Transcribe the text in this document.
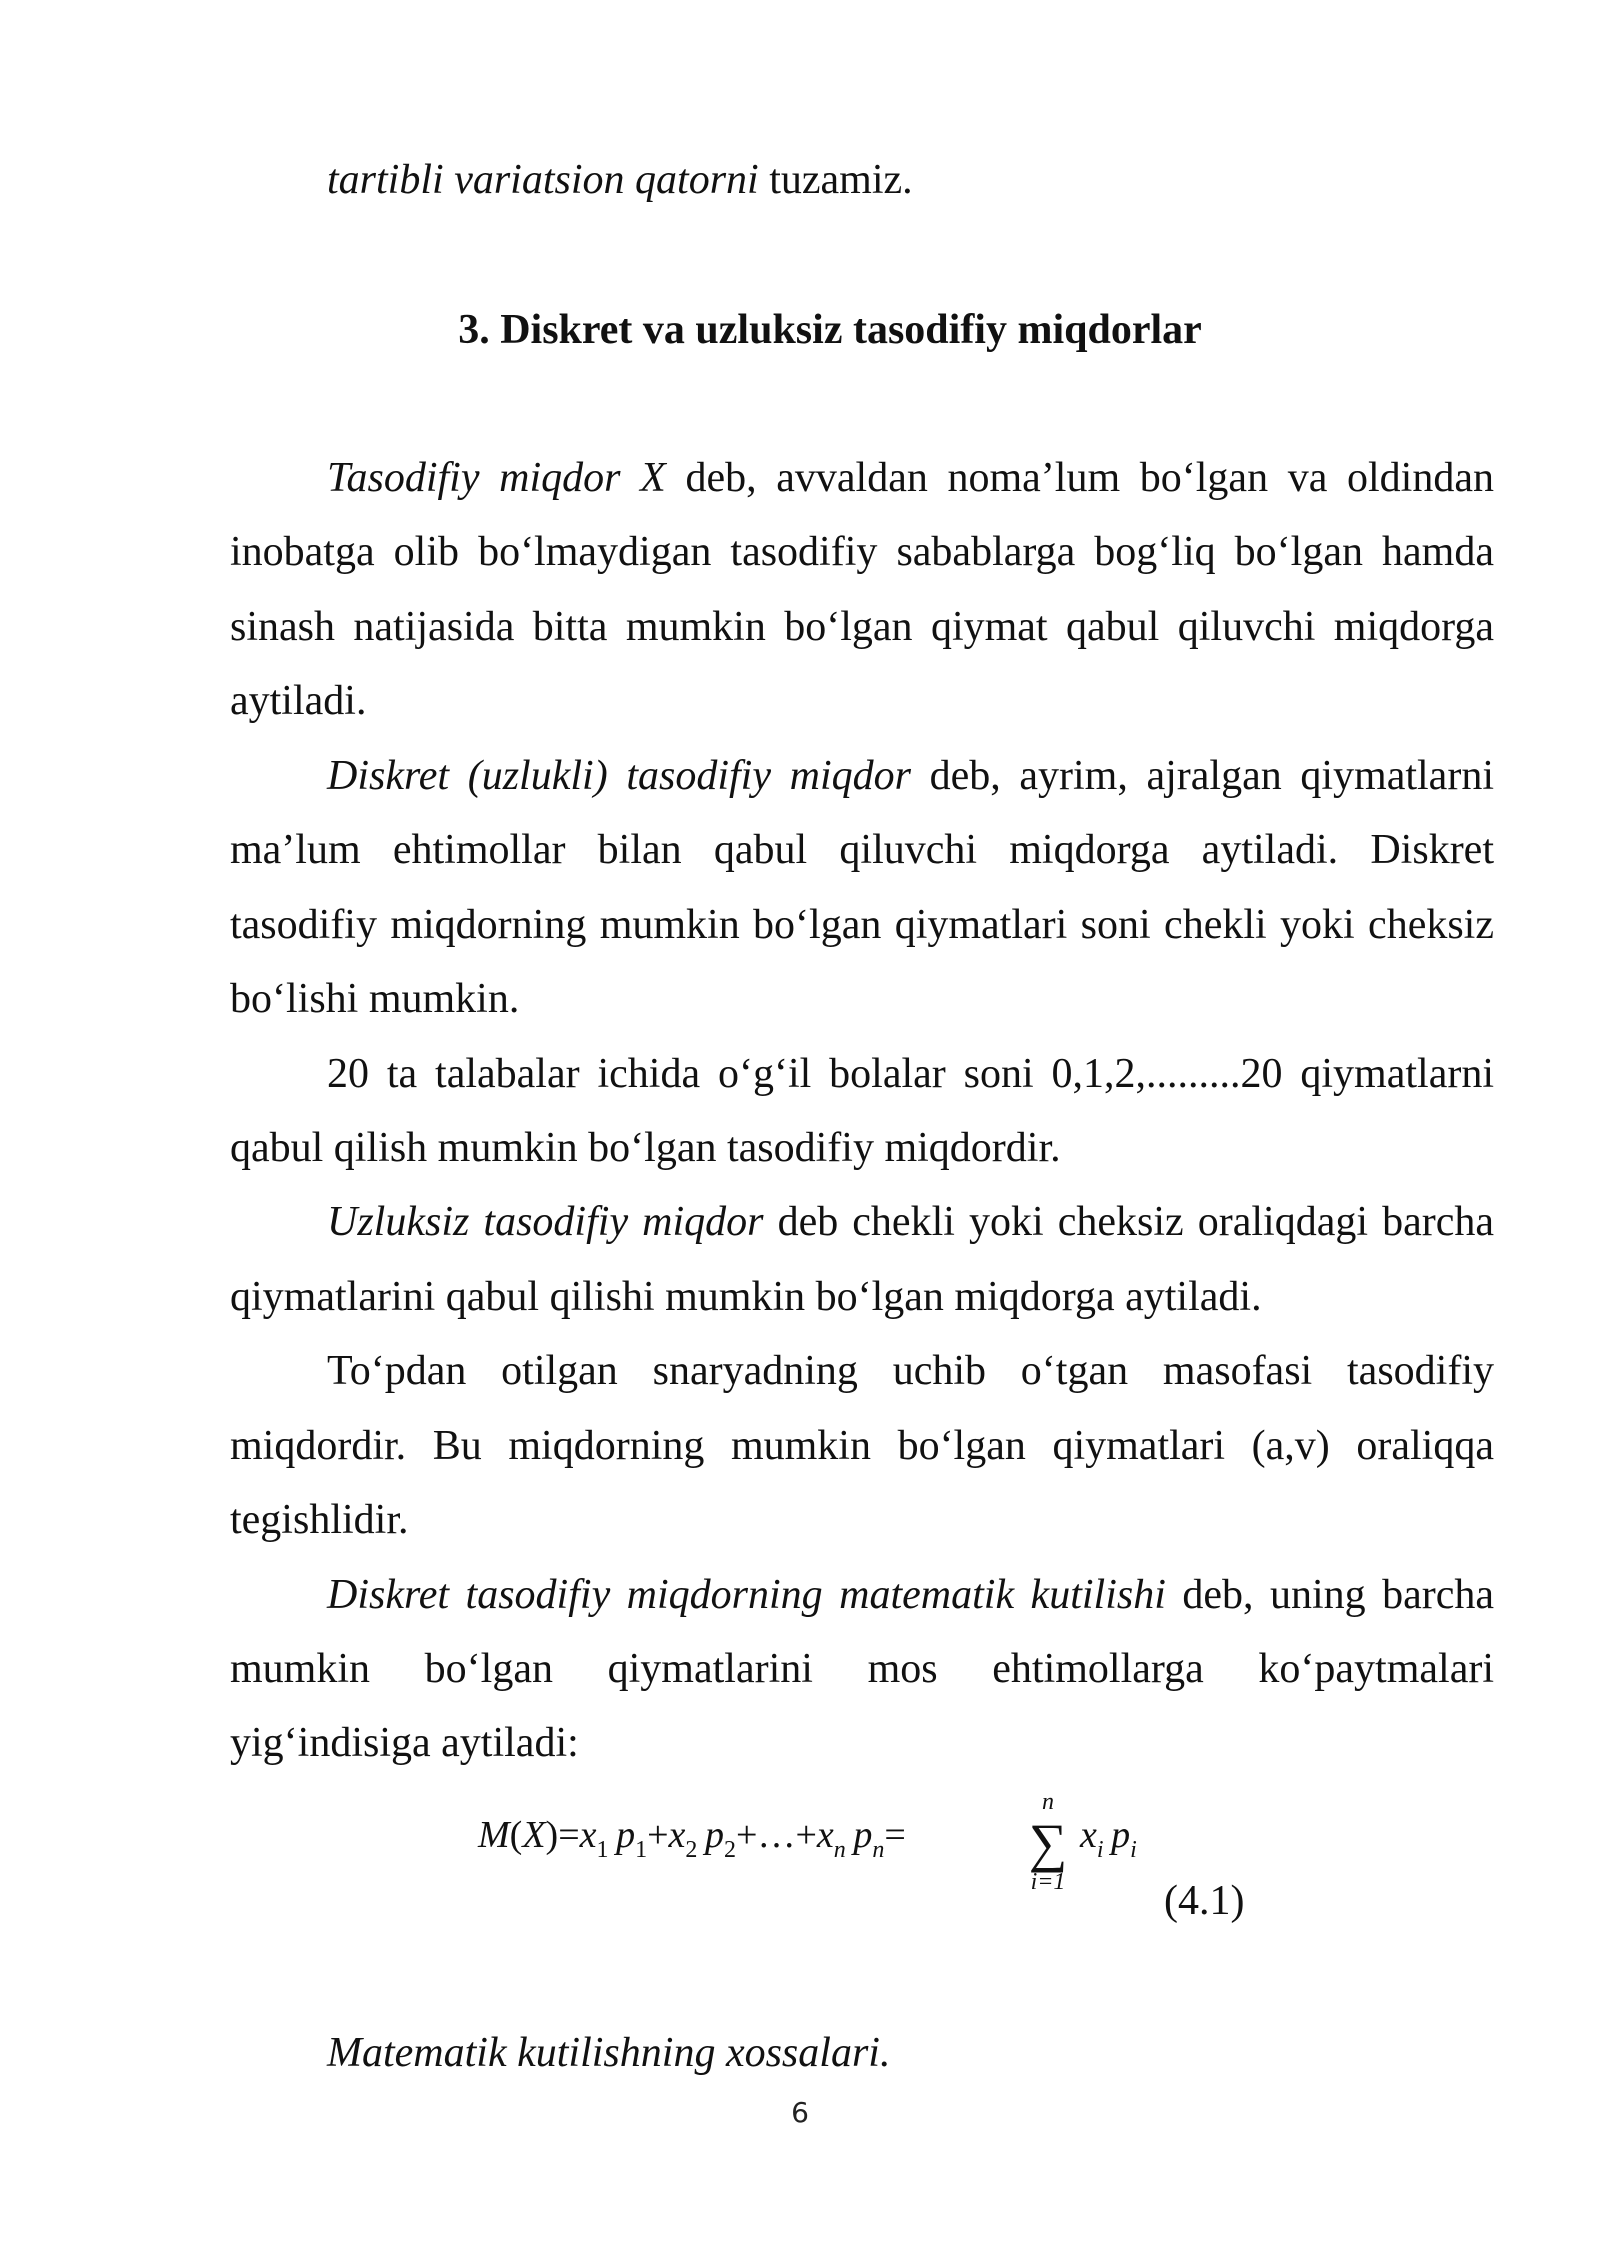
tartibli variatsion qatorni tuzamiz.
3. Diskret va uzluksiz tasodifiy miqdorlar
Tasodifiy miqdor X deb, avvaldan noma’lum bo‘lgan va oldindan
inobatga olib bo‘lmaydigan tasodifiy sabablarga bog‘liq bo‘lgan hamda
sinash natijasida bitta mumkin bo‘lgan qiymat qabul qiluvchi miqdorga
aytiladi.
Diskret (uzlukli) tasodifiy miqdor deb, ayrim, ajralgan qiymatlarni
ma’lum ehtimollar bilan qabul qiluvchi miqdorga aytiladi. Diskret
tasodifiy miqdorning mumkin bo‘lgan qiymatlari soni chekli yoki cheksiz
bo‘lishi mumkin.
20 ta talabalar ichida o‘g‘il bolalar soni 0,1,2,.........20 qiymatlarni
qabul qilish mumkin bo‘lgan tasodifiy miqdordir.
Uzluksiz tasodifiy miqdor deb chekli yoki cheksiz oraliqdagi barcha
qiymatlarini qabul qilishi mumkin bo‘lgan miqdorga aytiladi.
To‘pdan otilgan snaryadning uchib o‘tgan masofasi tasodifiy
miqdordir. Bu miqdorning mumkin bo‘lgan qiymatlari (a,v) oraliqqa
tegishlidir.
Diskret tasodifiy miqdorning matematik kutilishi deb, uning barcha
mumkin bo‘lgan qiymatlarini mos ehtimollarga ko‘paytmalari
yig‘indisiga aytiladi:
$M(X)=x_1$  $p_1+x_2$  $p_2+\dots+x_n$  $p_n=$
n
∑
i=1
$x_i$  $p_i$
(4.1)
Matematik kutilishning xossalari.
6
